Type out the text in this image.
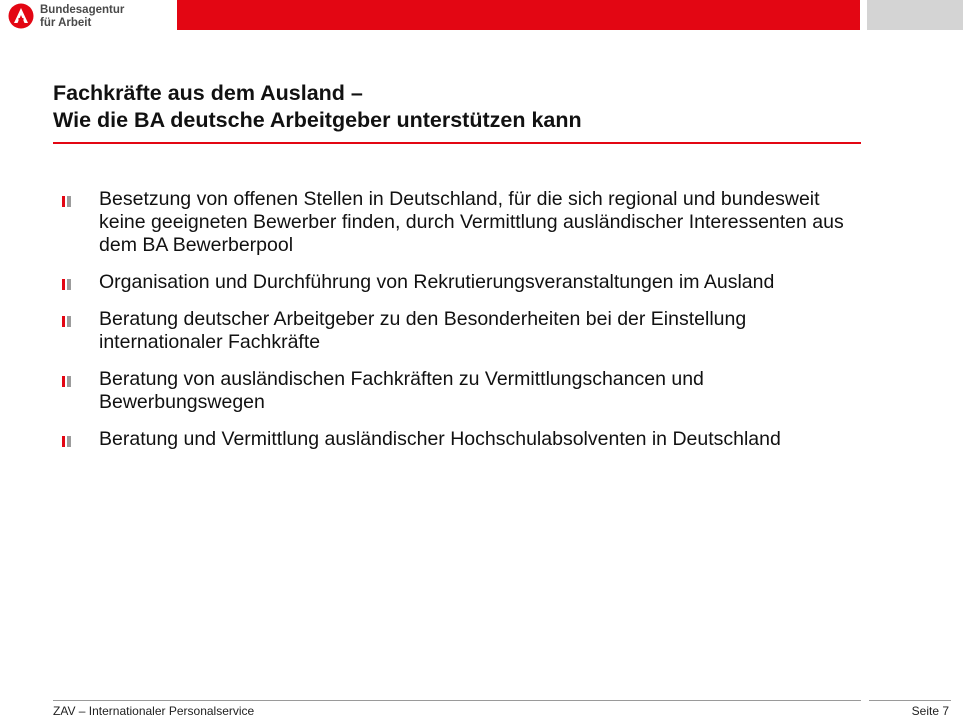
Bundesagentur
für Arbeit
Fachkräfte aus dem Ausland –
Wie die BA deutsche Arbeitgeber unterstützen kann
Besetzung von offenen Stellen in Deutschland, für die sich regional und bundesweit keine geeigneten Bewerber finden, durch Vermittlung ausländischer Interessenten aus dem BA Bewerberpool
Organisation und Durchführung von Rekrutierungsveranstaltungen im Ausland
Beratung deutscher Arbeitgeber zu den Besonderheiten bei der Einstellung internationaler Fachkräfte
Beratung von ausländischen Fachkräften zu Vermittlungschancen und Bewerbungswegen
Beratung und Vermittlung ausländischer Hochschulabsolventen in Deutschland
ZAV – Internationaler Personalservice	Seite 7
